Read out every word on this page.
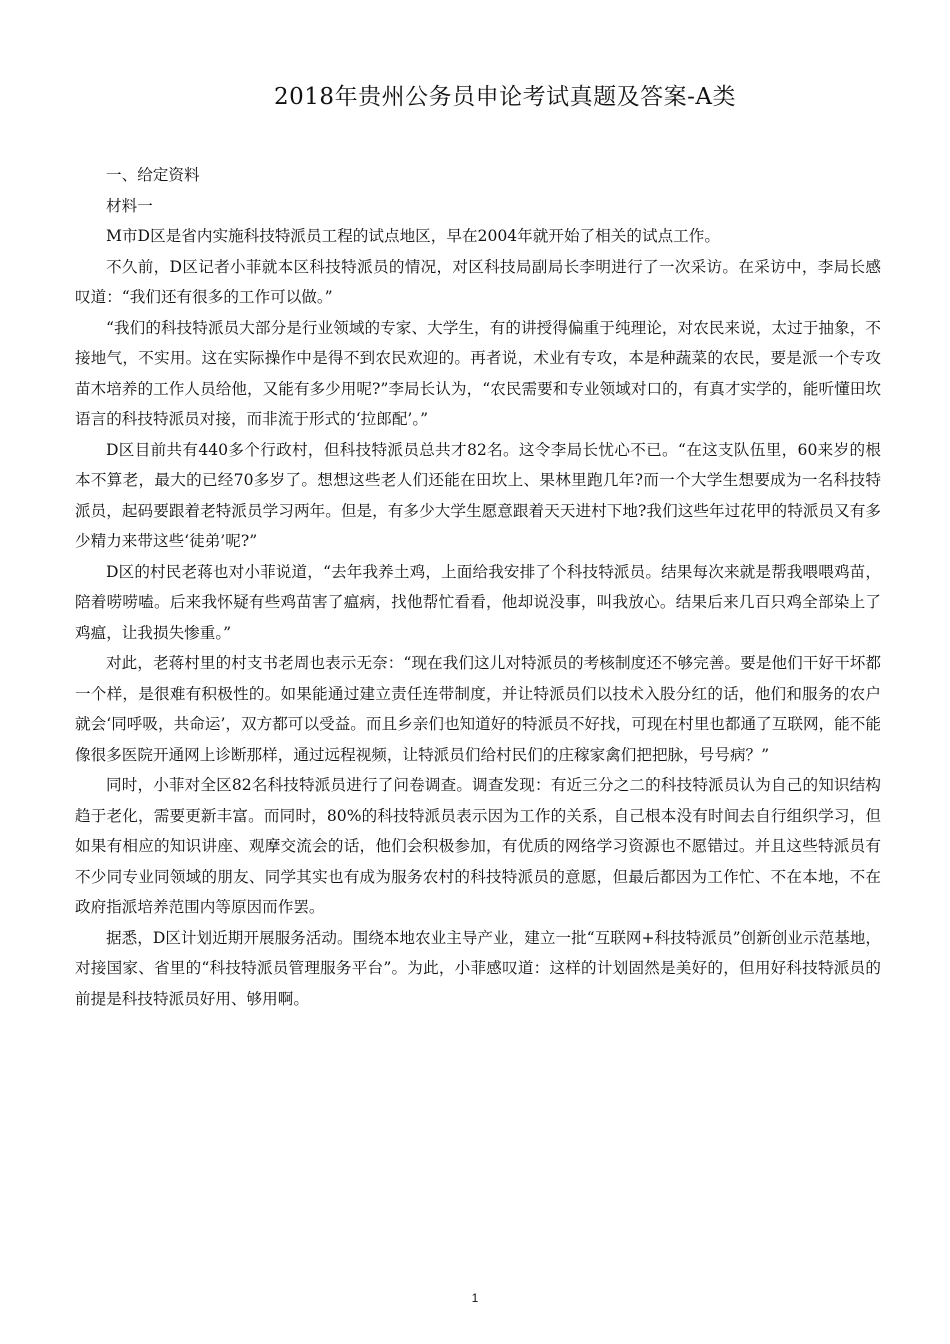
2018年贵州公务员申论考试真题及答案-A类

一、给定资料

材料一

M市D区是省内实施科技特派员工程的试点地区，早在2004年就开始了相关的试点工作。

不久前，D区记者小菲就本区科技特派员的情况，对区科技局副局长李明进行了一次采访。在采访中，李局长感叹道：“我们还有很多的工作可以做。”

“我们的科技特派员大部分是行业领域的专家、大学生，有的讲授得偏重于纯理论，对农民来说，太过于抽象，不接地气，不实用。这在实际操作中是得不到农民欢迎的。再者说，术业有专攻，本是种蔬菜的农民，要是派一个专攻苗木培养的工作人员给他，又能有多少用呢?”李局长认为，“农民需要和专业领域对口的，有真才实学的，能听懂田坎语言的科技特派员对接，而非流于形式的‘拉郎配’。”

D区目前共有440多个行政村，但科技特派员总共才82名。这令李局长忧心不已。“在这支队伍里，60来岁的根本不算老，最大的已经70多岁了。想想这些老人们还能在田坎上、果林里跑几年?而一个大学生想要成为一名科技特派员，起码要跟着老特派员学习两年。但是，有多少大学生愿意跟着天天进村下地?我们这些年过花甲的特派员又有多少精力来带这些‘徒弟’呢?”

D区的村民老蒋也对小菲说道，“去年我养土鸡，上面给我安排了个科技特派员。结果每次来就是帮我喂喂鸡苗，陪着唠唠嗑。后来我怀疑有些鸡苗害了瘟病，找他帮忙看看，他却说没事，叫我放心。结果后来几百只鸡全部染上了鸡瘟，让我损失惨重。”

对此，老蒋村里的村支书老周也表示无奈：“现在我们这儿对特派员的考核制度还不够完善。要是他们干好干坏都一个样，是很难有积极性的。如果能通过建立责任连带制度，并让特派员们以技术入股分红的话，他们和服务的农户就会‘同呼吸，共命运’，双方都可以受益。而且乡亲们也知道好的特派员不好找，可现在村里也都通了互联网，能不能像很多医院开通网上诊断那样，通过远程视频，让特派员们给村民们的庄稼家禽们把把脉，号号病？”

同时，小菲对全区82名科技特派员进行了问卷调查。调查发现：有近三分之二的科技特派员认为自己的知识结构趋于老化，需要更新丰富。而同时，80%的科技特派员表示因为工作的关系，自己根本没有时间去自行组织学习，但如果有相应的知识讲座、观摩交流会的话，他们会积极参加，有优质的网络学习资源也不愿错过。并且这些特派员有不少同专业同领域的朋友、同学其实也有成为服务农村的科技特派员的意愿，但最后都因为工作忙、不在本地，不在政府指派培养范围内等原因而作罢。

据悉，D区计划近期开展服务活动。围绕本地农业主导产业，建立一批“互联网+科技特派员”创新创业示范基地，对接国家、省里的“科技特派员管理服务平台”。为此，小菲感叹道：这样的计划固然是美好的，但用好科技特派员的前提是科技特派员好用、够用啊。

1
